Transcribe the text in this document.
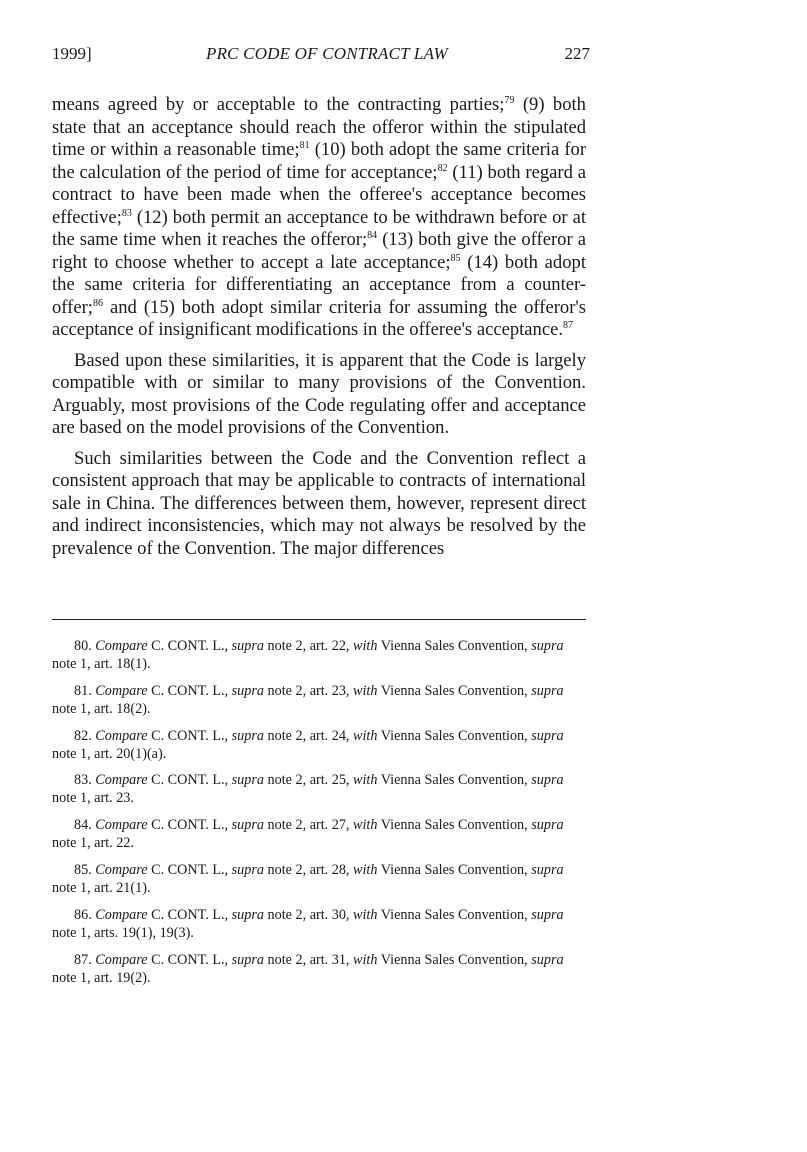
1999]	PRC CODE OF CONTRACT LAW	227

means agreed by or acceptable to the contracting parties;$^{79}$ (9) both state that an acceptance should reach the offeror within the stipulated time or within a reasonable time;$^{81}$ (10) both adopt the same criteria for the calculation of the period of time for acceptance;$^{82}$ (11) both regard a contract to have been made when the offeree's acceptance becomes effective;$^{83}$ (12) both permit an acceptance to be withdrawn before or at the same time when it reaches the offeror;$^{84}$ (13) both give the offeror a right to choose whether to accept a late acceptance;$^{85}$ (14) both adopt the same criteria for differentiating an acceptance from a counter-offer;$^{86}$ and (15) both adopt similar criteria for assuming the offeror's acceptance of insignificant modifications in the offeree's acceptance.$^{87}$

Based upon these similarities, it is apparent that the Code is largely compatible with or similar to many provisions of the Convention. Arguably, most provisions of the Code regulating offer and acceptance are based on the model provisions of the Convention.

Such similarities between the Code and the Convention reflect a consistent approach that may be applicable to contracts of international sale in China. The differences between them, however, represent direct and indirect inconsistencies, which may not always be resolved by the prevalence of the Convention. The major differences

80. Compare C. CONT. L., supra note 2, art. 22, with Vienna Sales Convention, supra note 1, art. 18(1).
81. Compare C. CONT. L., supra note 2, art. 23, with Vienna Sales Convention, supra note 1, art. 18(2).
82. Compare C. CONT. L., supra note 2, art. 24, with Vienna Sales Convention, supra note 1, art. 20(1)(a).
83. Compare C. CONT. L., supra note 2, art. 25, with Vienna Sales Convention, supra note 1, art. 23.
84. Compare C. CONT. L., supra note 2, art. 27, with Vienna Sales Convention, supra note 1, art. 22.
85. Compare C. CONT. L., supra note 2, art. 28, with Vienna Sales Convention, supra note 1, art. 21(1).
86. Compare C. CONT. L., supra note 2, art. 30, with Vienna Sales Convention, supra note 1, arts. 19(1), 19(3).
87. Compare C. CONT. L., supra note 2, art. 31, with Vienna Sales Convention, supra note 1, art. 19(2).
